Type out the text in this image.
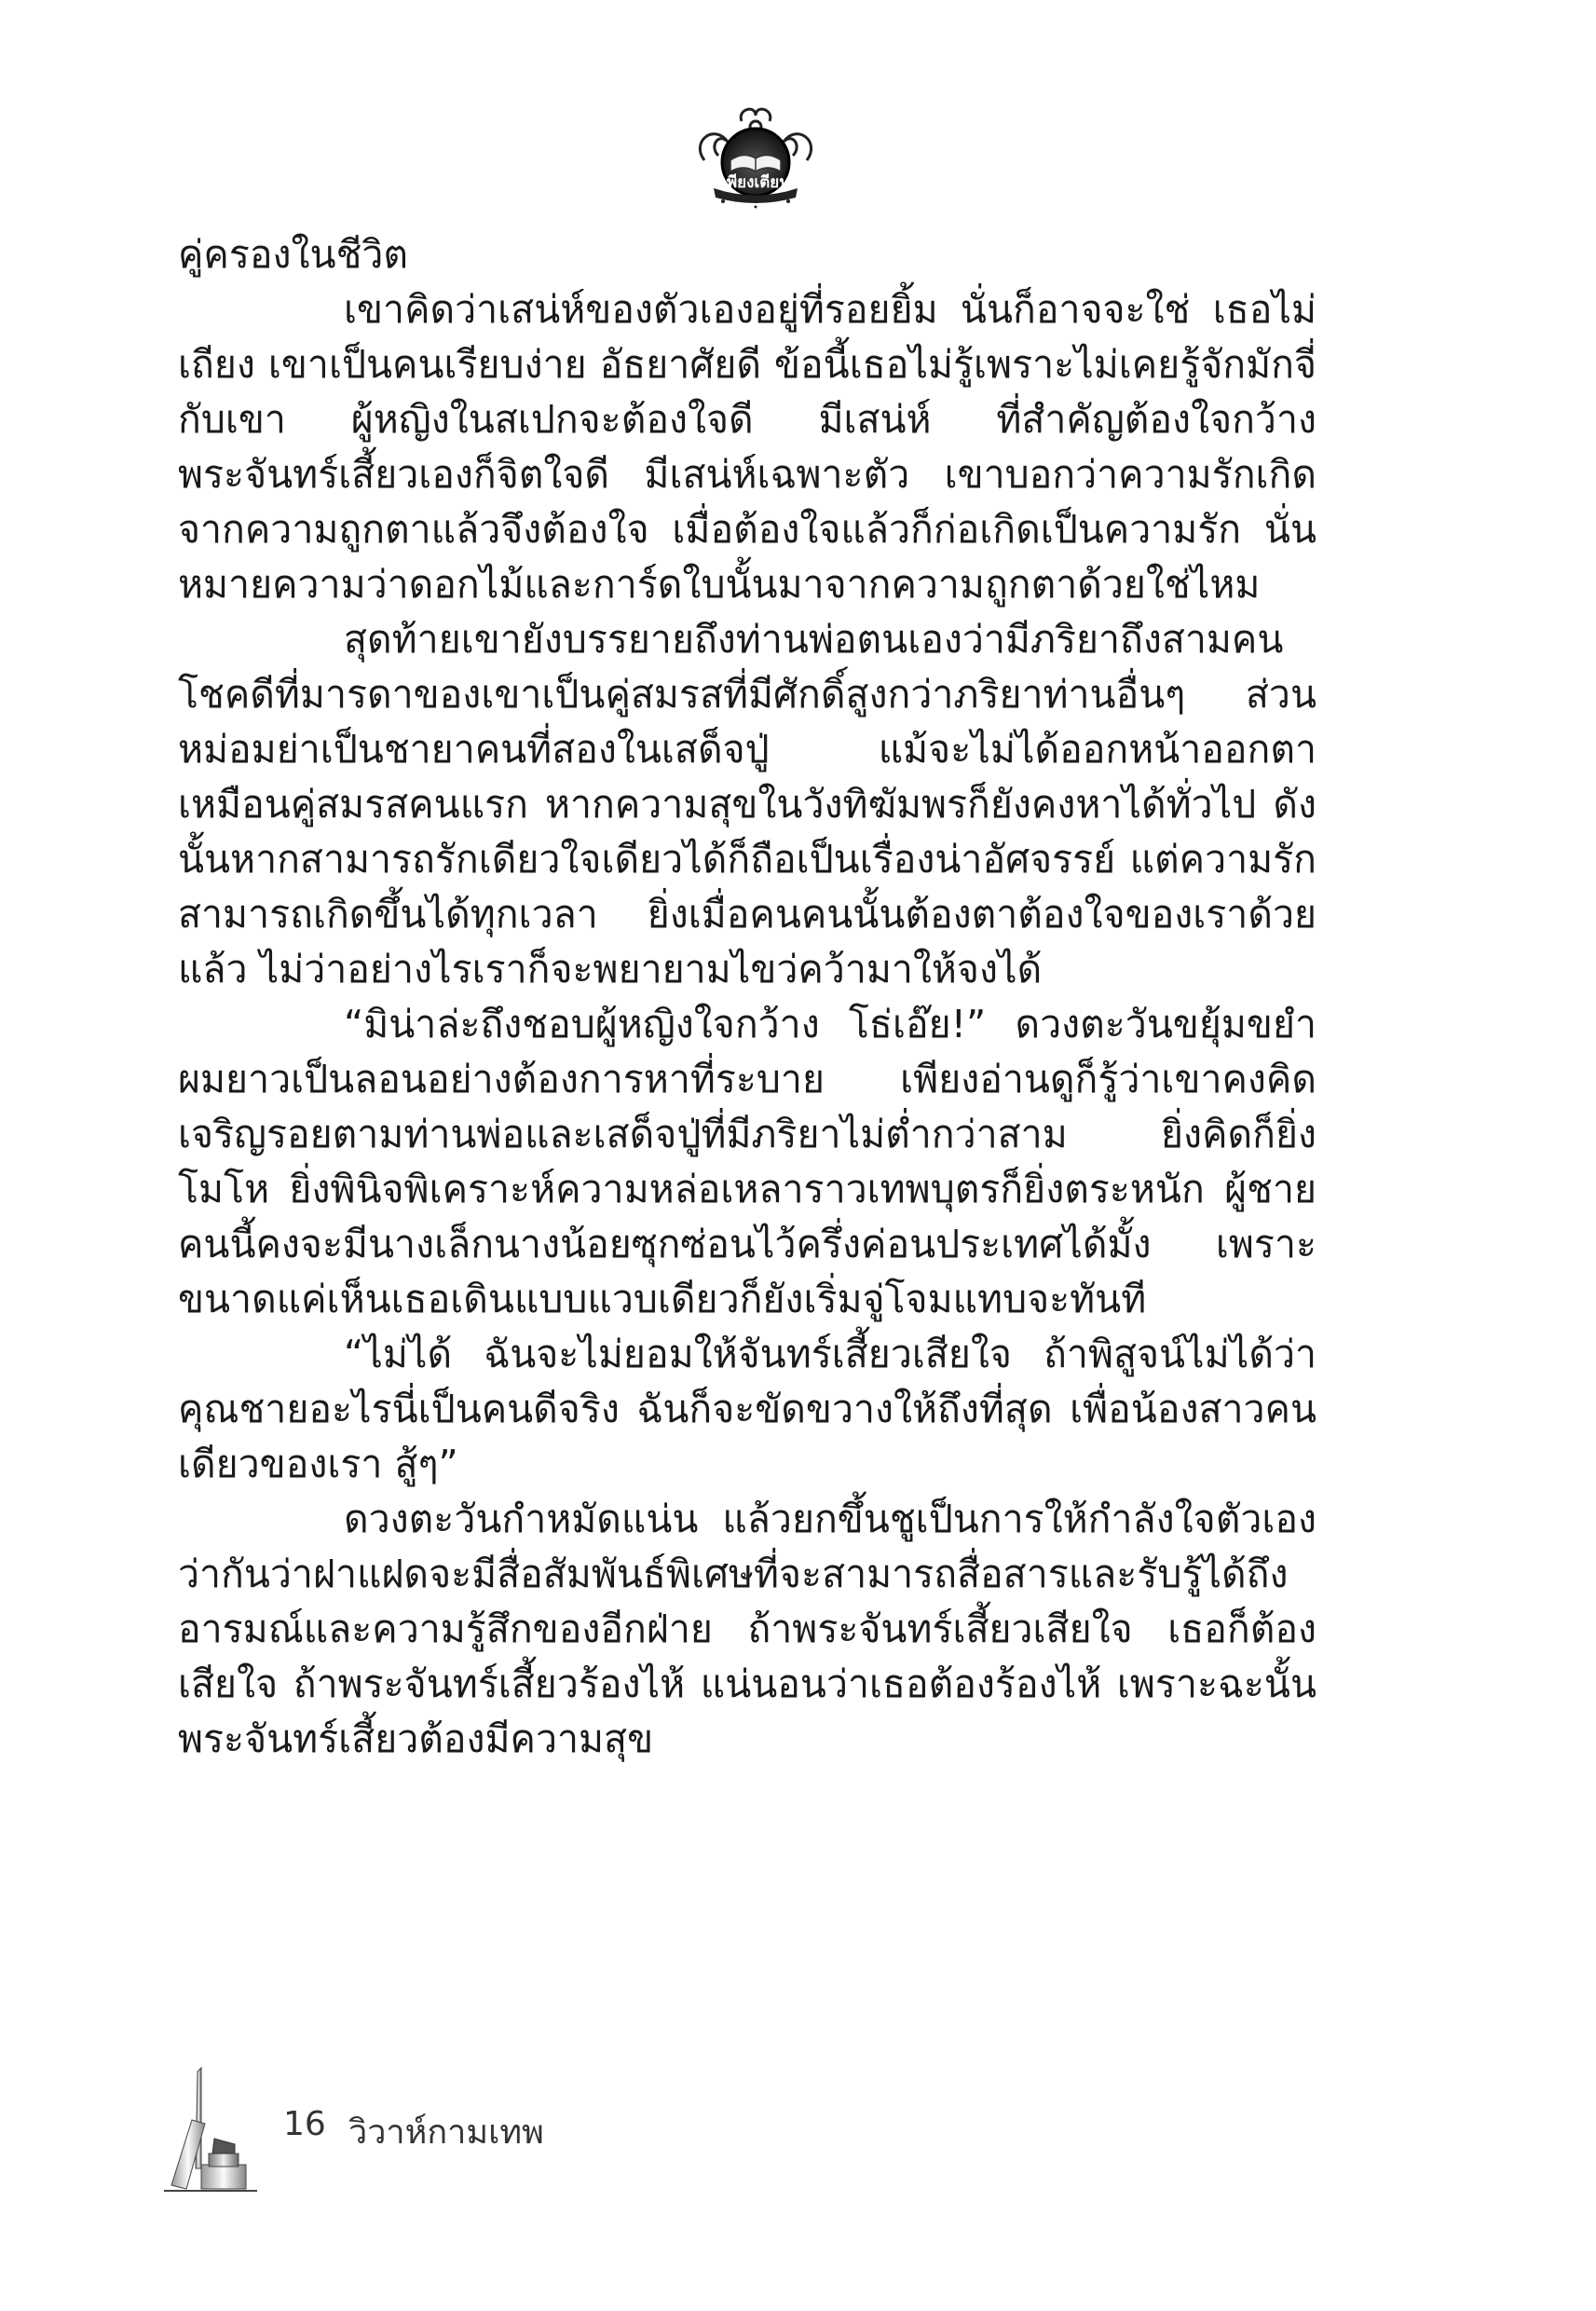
เพียงเตียน

คู่ครองในชีวิต

เขาคิดว่าเสน่ห์ของตัวเองอยู่ที่รอยยิ้ม นั่นก็อาจจะใช่ เธอไม่เถียง เขาเป็นคนเรียบง่าย อัธยาศัยดี ข้อนี้เธอไม่รู้เพราะไม่เคยรู้จักมักจี่กับเขา ผู้หญิงในสเปกจะต้องใจดี มีเสน่ห์ ที่สำคัญต้องใจกว้าง พระจันทร์เสี้ยวเองก็จิตใจดี มีเสน่ห์เฉพาะตัว เขาบอกว่าความรักเกิดจากความถูกตาแล้วจึงต้องใจ เมื่อต้องใจแล้วก็ก่อเกิดเป็นความรัก นั่นหมายความว่าดอกไม้และการ์ดใบนั้นมาจากความถูกตาด้วยใช่ไหม

สุดท้ายเขายังบรรยายถึงท่านพ่อตนเองว่ามีภริยาถึงสามคน โชคดีที่มารดาของเขาเป็นคู่สมรสที่มีศักดิ์สูงกว่าภริยาท่านอื่นๆ ส่วนหม่อมย่าเป็นชายาคนที่สองในเสด็จปู่ แม้จะไม่ได้ออกหน้าออกตาเหมือนคู่สมรสคนแรก หากความสุขในวังทิฆัมพรก็ยังคงหาได้ทั่วไป ดังนั้นหากสามารถรักเดียวใจเดียวได้ก็ถือเป็นเรื่องน่าอัศจรรย์ แต่ความรักสามารถเกิดขึ้นได้ทุกเวลา ยิ่งเมื่อคนคนนั้นต้องตาต้องใจของเราด้วยแล้ว ไม่ว่าอย่างไรเราก็จะพยายามไขว่คว้ามาให้จงได้

“มิน่าล่ะถึงชอบผู้หญิงใจกว้าง โธ่เอ๊ย!” ดวงตะวันขยุ้มขยำผมยาวเป็นลอนอย่างต้องการหาที่ระบาย เพียงอ่านดูก็รู้ว่าเขาคงคิดเจริญรอยตามท่านพ่อและเสด็จปู่ที่มีภริยาไม่ต่ำกว่าสาม ยิ่งคิดก็ยิ่งโมโห ยิ่งพินิจพิเคราะห์ความหล่อเหลาราวเทพบุตรก็ยิ่งตระหนัก ผู้ชายคนนี้คงจะมีนางเล็กนางน้อยซุกซ่อนไว้ครึ่งค่อนประเทศได้มั้ง เพราะขนาดแค่เห็นเธอเดินแบบแวบเดียวก็ยังเริ่มจู่โจมแทบจะทันที

“ไม่ได้ ฉันจะไม่ยอมให้จันทร์เสี้ยวเสียใจ ถ้าพิสูจน์ไม่ได้ว่าคุณชายอะไรนี่เป็นคนดีจริง ฉันก็จะขัดขวางให้ถึงที่สุด เพื่อน้องสาวคนเดียวของเรา สู้ๆ”

ดวงตะวันกำหมัดแน่น แล้วยกขึ้นชูเป็นการให้กำลังใจตัวเองว่ากันว่าฝาแฝดจะมีสื่อสัมพันธ์พิเศษที่จะสามารถสื่อสารและรับรู้ได้ถึงอารมณ์และความรู้สึกของอีกฝ่าย ถ้าพระจันทร์เสี้ยวเสียใจ เธอก็ต้องเสียใจ ถ้าพระจันทร์เสี้ยวร้องไห้ แน่นอนว่าเธอต้องร้องไห้ เพราะฉะนั้นพระจันทร์เสี้ยวต้องมีความสุข

16 วิวาห์กามเทพ
